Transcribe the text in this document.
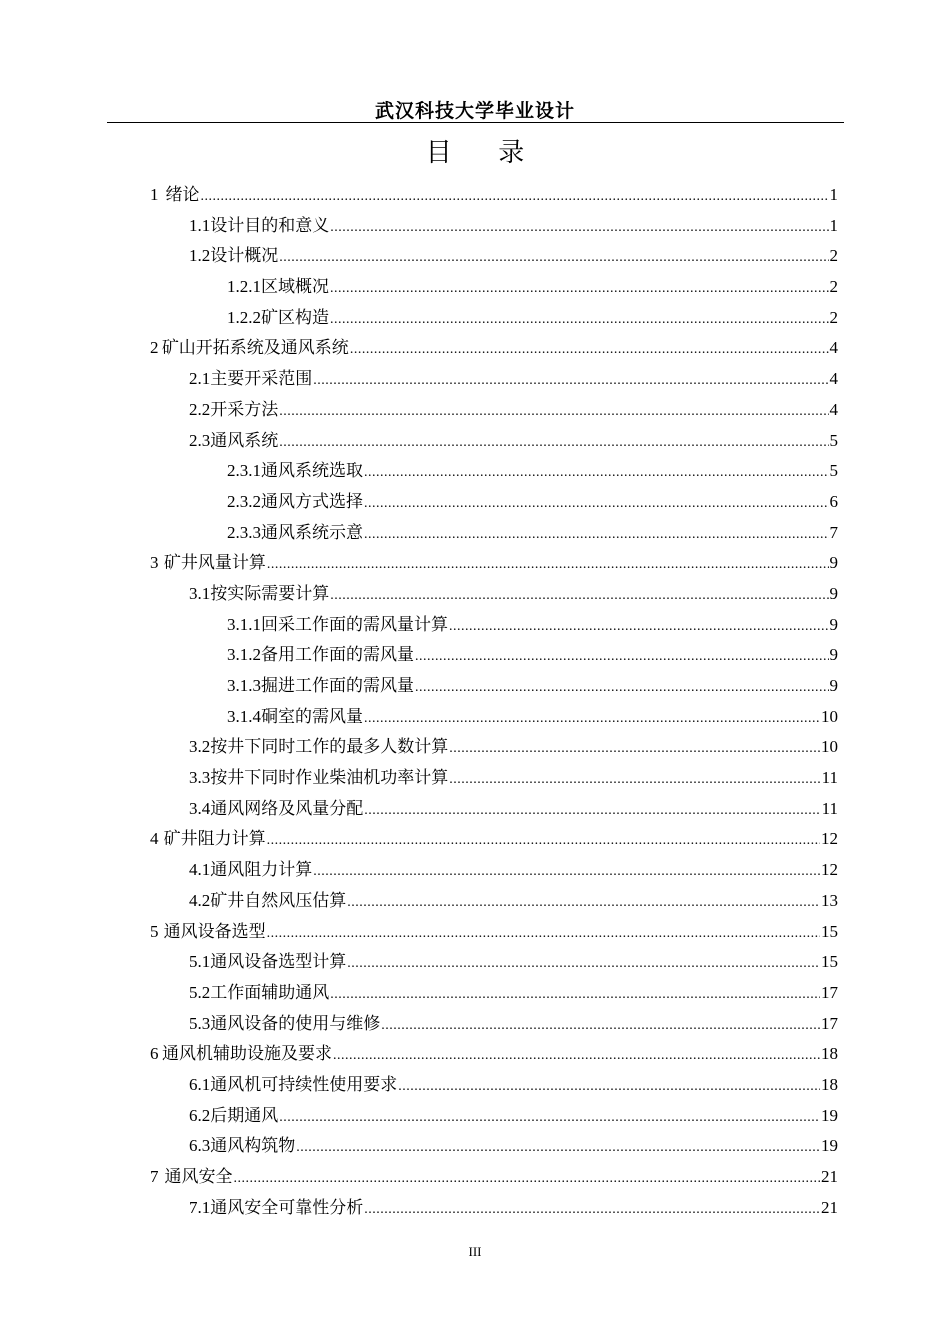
武汉科技大学毕业设计
目 录
1 绪论 .....	1
1.1 设计目的和意义 .....	1
1.2 设计概况 .....	2
1.2.1 区域概况 .....	2
1.2.2 矿区构造 .....	2
2 矿山开拓系统及通风系统 .....	4
2.1 主要开采范围 .....	4
2.2 开采方法 .....	4
2.3 通风系统 .....	5
2.3.1 通风系统选取 .....	5
2.3.2 通风方式选择 .....	6
2.3.3 通风系统示意 .....	7
3 矿井风量计算 .....	9
3.1 按实际需要计算 .....	9
3.1.1 回采工作面的需风量计算 .....	9
3.1.2 备用工作面的需风量 .....	9
3.1.3 掘进工作面的需风量 .....	9
3.1.4 硐室的需风量 .....	10
3.2 按井下同时工作的最多人数计算 .....	10
3.3 按井下同时作业柴油机功率计算 .....	11
3.4 通风网络及风量分配 .....	11
4 矿井阻力计算 .....	12
4.1 通风阻力计算 .....	12
4.2 矿井自然风压估算 .....	13
5 通风设备选型 .....	15
5.1 通风设备选型计算 .....	15
5.2 工作面辅助通风 .....	17
5.3 通风设备的使用与维修 .....	17
6 通风机辅助设施及要求 .....	18
6.1 通风机可持续性使用要求 .....	18
6.2 后期通风 .....	19
6.3 通风构筑物 .....	19
7 通风安全 .....	21
7.1 通风安全可靠性分析 .....	21
III
